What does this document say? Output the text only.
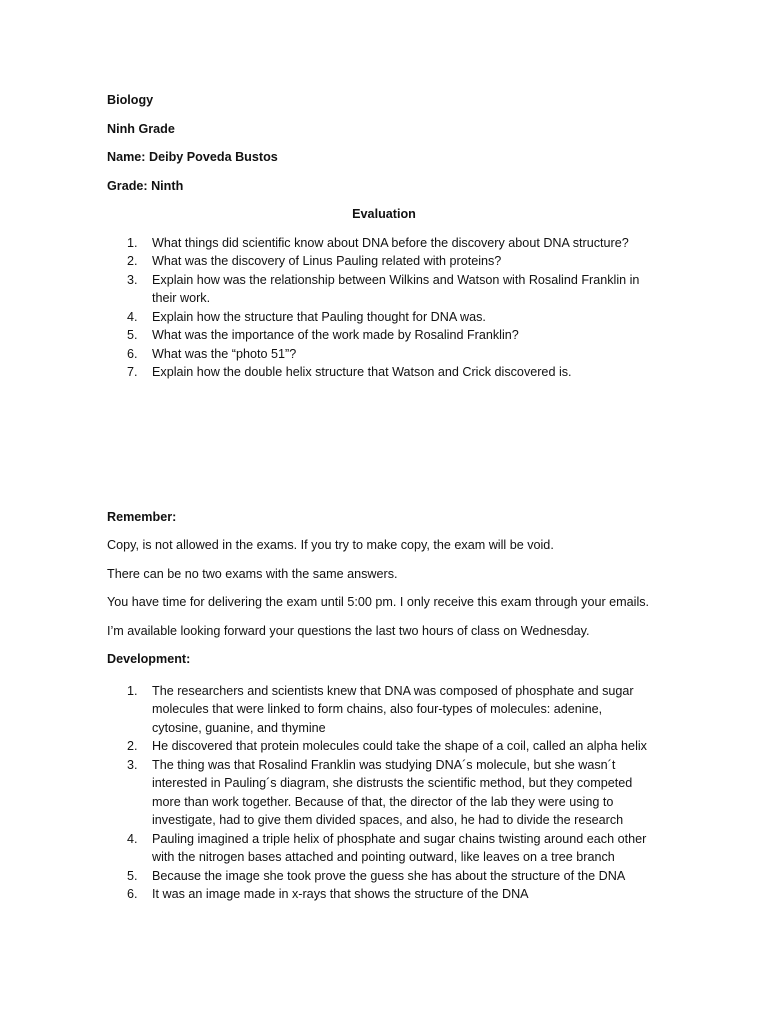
Biology

Ninh Grade

Name: Deiby Poveda Bustos

Grade: Ninth

Evaluation

1. What things did scientific know about DNA before the discovery about DNA structure?
2. What was the discovery of Linus Pauling related with proteins?
3. Explain how was the relationship between Wilkins and Watson with Rosalind Franklin in
their work.
4. Explain how the structure that Pauling thought for DNA was.
5. What was the importance of the work made by Rosalind Franklin?
6. What was the “photo 51”?
7. Explain how the double helix structure that Watson and Crick discovered is.

Remember:

Copy, is not allowed in the exams. If you try to make copy, the exam will be void.

There can be no two exams with the same answers.

You have time for delivering the exam until 5:00 pm. I only receive this exam through your emails.

I’m available looking forward your questions the last two hours of class on Wednesday.

Development:

1. The researchers and scientists knew that DNA was composed of phosphate and sugar
molecules that were linked to form chains, also four-types of molecules: adenine,
cytosine, guanine, and thymine
2. He discovered that protein molecules could take the shape of a coil, called an alpha helix
3. The thing was that Rosalind Franklin was studying DNA´s molecule, but she wasn´t
interested in Pauling´s diagram, she distrusts the scientific method, but they competed
more than work together. Because of that, the director of the lab they were using to
investigate, had to give them divided spaces, and also, he had to divide the research
4. Pauling imagined a triple helix of phosphate and sugar chains twisting around each other
with the nitrogen bases attached and pointing outward, like leaves on a tree branch
5. Because the image she took prove the guess she has about the structure of the DNA
6. It was an image made in x-rays that shows the structure of the DNA
